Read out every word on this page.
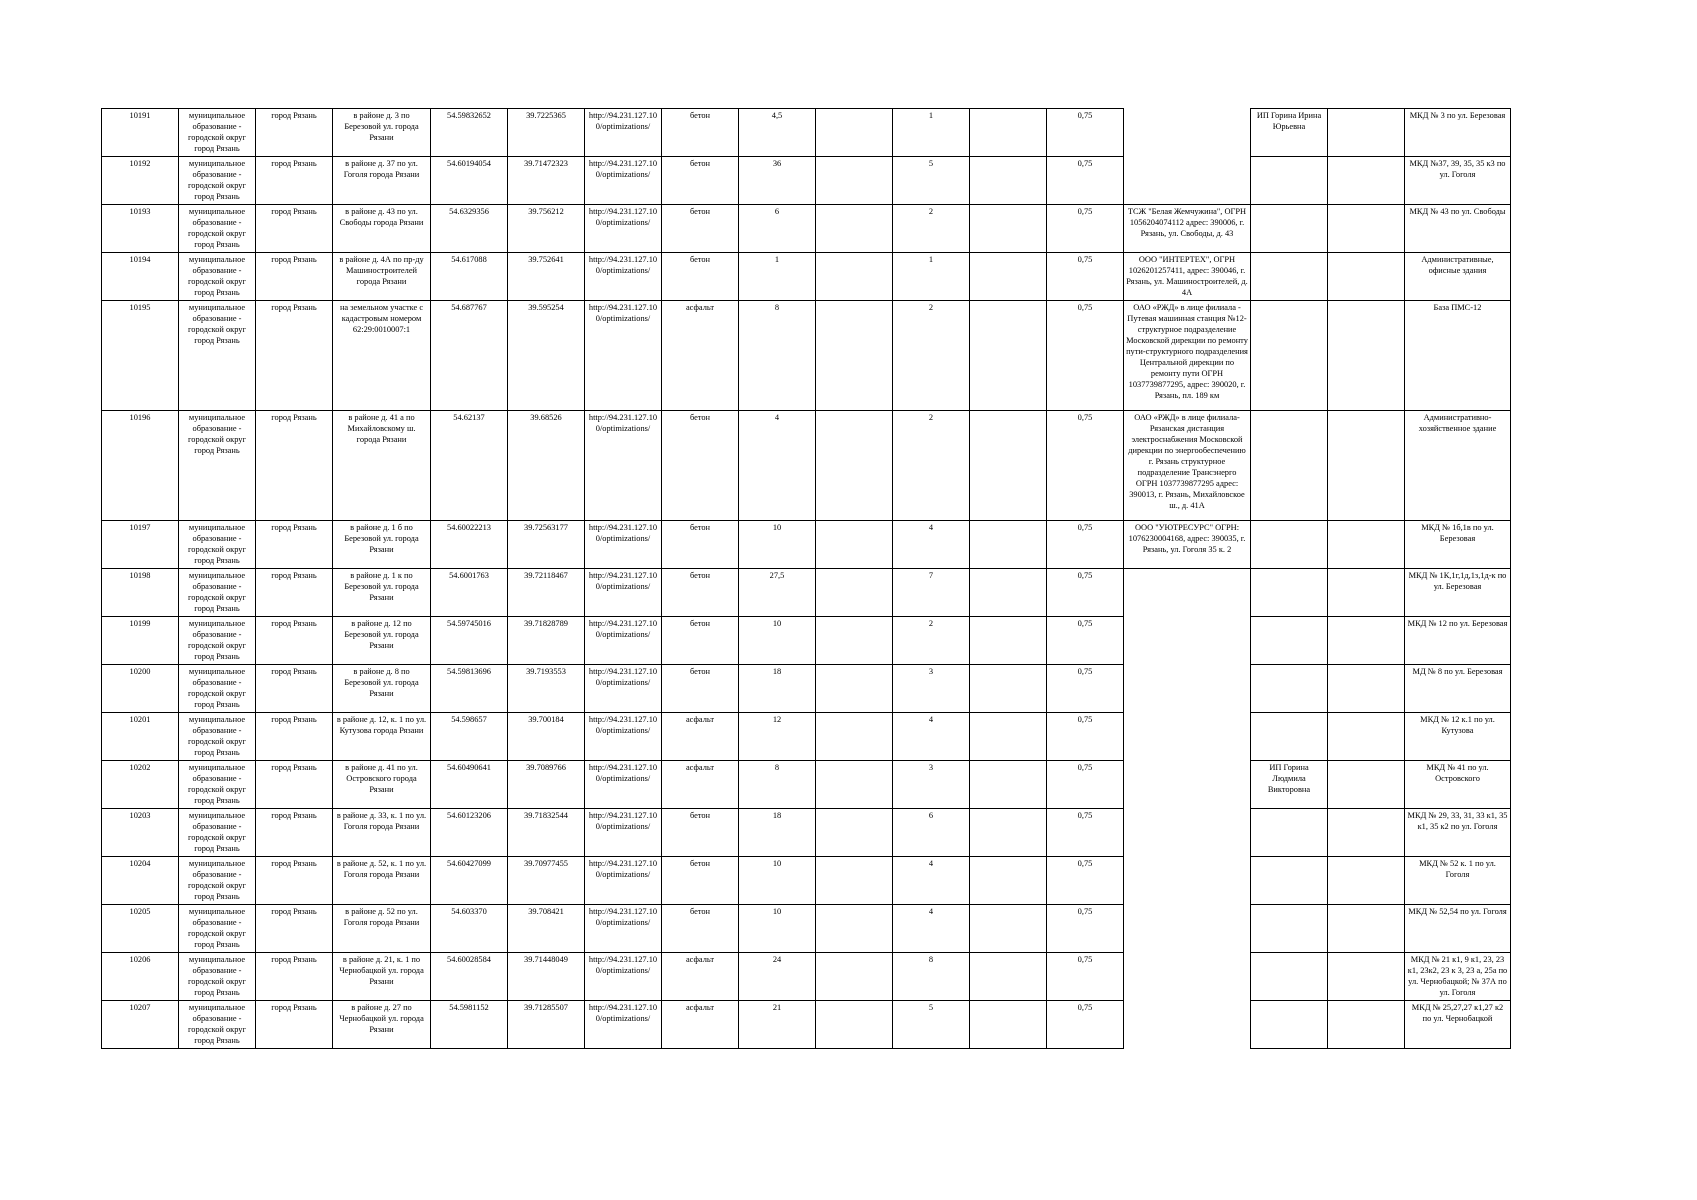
10191	муниципальное образование - городской округ город Рязань	город Рязань	в районе д. 3 по Березовой ул. города Рязани	54.59832652	39.7225365	http://94.231.127.100/optimizations/	бетон	4,5		1		0,75		ИП Горина Ирина Юрьевна		МКД № 3 по ул. Березовая
10192	муниципальное образование - городской округ город Рязань	город Рязань	в районе д. 37 по ул. Гоголя города Рязани	54.60194054	39.71472323	http://94.231.127.100/optimizations/	бетон	36		5		0,75				МКД №37, 39, 35, 35 к3 по ул. Гоголя
10193	муниципальное образование - городской округ город Рязань	город Рязань	в районе д. 43 по ул. Свободы города Рязани	54.6329356	39.756212	http://94.231.127.100/optimizations/	бетон	6		2		0,75	ТСЖ "Белая Жемчужина", ОГРН 1056204074112 адрес: 390006, г. Рязань, ул. Свободы, д. 43			МКД № 43 по ул. Свободы
10194	муниципальное образование - городской округ город Рязань	город Рязань	в районе д. 4А по пр-ду Машиностроителей города Рязани	54.617088	39.752641	http://94.231.127.100/optimizations/	бетон	1		1		0,75	ООО "ИНТЕРТЕХ", ОГРН 1026201257411, адрес: 390046, г. Рязань, ул. Машиностроителей, д. 4А			Административные, офисные здания
10195	муниципальное образование - городской округ город Рязань	город Рязань	на земельном участке с кадастровым номером 62:29:0010007:1	54.687767	39.595254	http://94.231.127.100/optimizations/	асфальт	8		2		0,75	ОАО «РЖД» в лице филиала - Путевая машинная станция №12- структурное подразделение Московской дирекции по ремонту пути-структурного подразделения Центральной дирекции по ремонту пути ОГРН 1037739877295, адрес: 390020, г. Рязань, пл. 189 км			База ПМС-12
10196	муниципальное образование - городской округ город Рязань	город Рязань	в районе д. 41 а по Михайловскому ш. города Рязани	54.62137	39.68526	http://94.231.127.100/optimizations/	бетон	4		2		0,75	ОАО «РЖД» в лице филиала- Рязанская дистанция электроснабжения Московской дирекции по энергообеспечению г. Рязань структурное подразделение Трансэнерго ОГРН 1037739877295 адрес: 390013, г. Рязань, Михайловское ш., д. 41А			Административно-хозяйственное здание
10197	муниципальное образование - городской округ город Рязань	город Рязань	в районе д. 1 б по Березовой ул. города Рязани	54.60022213	39.72563177	http://94.231.127.100/optimizations/	бетон	10		4		0,75	ООО "УЮТРЕСУРС" ОГРН: 1076230004168, адрес: 390035, г. Рязань, ул. Гоголя 35 к. 2			МКД № 1б,1в по ул. Березовая
10198	муниципальное образование - городской округ город Рязань	город Рязань	в районе д. 1 к по Березовой ул. города Рязани	54.6001763	39.72118467	http://94.231.127.100/optimizations/	бетон	27,5		7		0,75				МКД № 1К,1г,1д,1з,1д-к по ул. Березовая
10199	муниципальное образование - городской округ город Рязань	город Рязань	в районе д. 12 по Березовой ул. города Рязани	54.59745016	39.71828789	http://94.231.127.100/optimizations/	бетон	10		2		0,75				МКД № 12 по ул. Березовая
10200	муниципальное образование - городской округ город Рязань	город Рязань	в районе д. 8 по Березовой ул. города Рязани	54.59813696	39.7193553	http://94.231.127.100/optimizations/	бетон	18		3		0,75				МД № 8 по ул. Березовая
10201	муниципальное образование - городской округ город Рязань	город Рязань	в районе д. 12, к. 1 по ул. Кутузова города Рязани	54.598657	39.700184	http://94.231.127.100/optimizations/	асфальт	12		4		0,75				МКД № 12 к.1 по ул. Кутузова
10202	муниципальное образование - городской округ город Рязань	город Рязань	в районе д. 41 по ул. Островского города Рязани	54.60490641	39.7089766	http://94.231.127.100/optimizations/	асфальт	8		3		0,75		ИП Горина Людмила Викторовна		МКД № 41 по ул. Островского
10203	муниципальное образование - городской округ город Рязань	город Рязань	в районе д. 33, к. 1 по ул. Гоголя города Рязани	54.60123206	39.71832544	http://94.231.127.100/optimizations/	бетон	18		6		0,75				МКД № 29, 33, 31, 33 к1, 35 к1, 35 к2 по ул. Гоголя
10204	муниципальное образование - городской округ город Рязань	город Рязань	в районе д. 52, к. 1 по ул. Гоголя города Рязани	54.60427099	39.70977455	http://94.231.127.100/optimizations/	бетон	10		4		0,75				МКД № 52 к. 1 по ул. Гоголя
10205	муниципальное образование - городской округ город Рязань	город Рязань	в районе д. 52 по ул. Гоголя города Рязани	54.603370	39.708421	http://94.231.127.100/optimizations/	бетон	10		4		0,75				МКД № 52,54 по ул. Гоголя
10206	муниципальное образование - городской округ город Рязань	город Рязань	в районе д. 21, к. 1 по Чернобацкой ул. города Рязани	54.60028584	39.71448049	http://94.231.127.100/optimizations/	асфальт	24		8		0,75				МКД № 21 к1, 9 к1, 23, 23 к1, 23к2, 23 к 3, 23 а, 25а по ул. Чернобацкой; № 37А по ул. Гоголя
10207	муниципальное образование - городской округ город Рязань	город Рязань	в районе д. 27 по Чернобацкой ул. города Рязани	54.5981152	39.71285507	http://94.231.127.100/optimizations/	асфальт	21		5		0,75				МКД № 25,27,27 к1,27 к2 по ул. Чернобацкой
